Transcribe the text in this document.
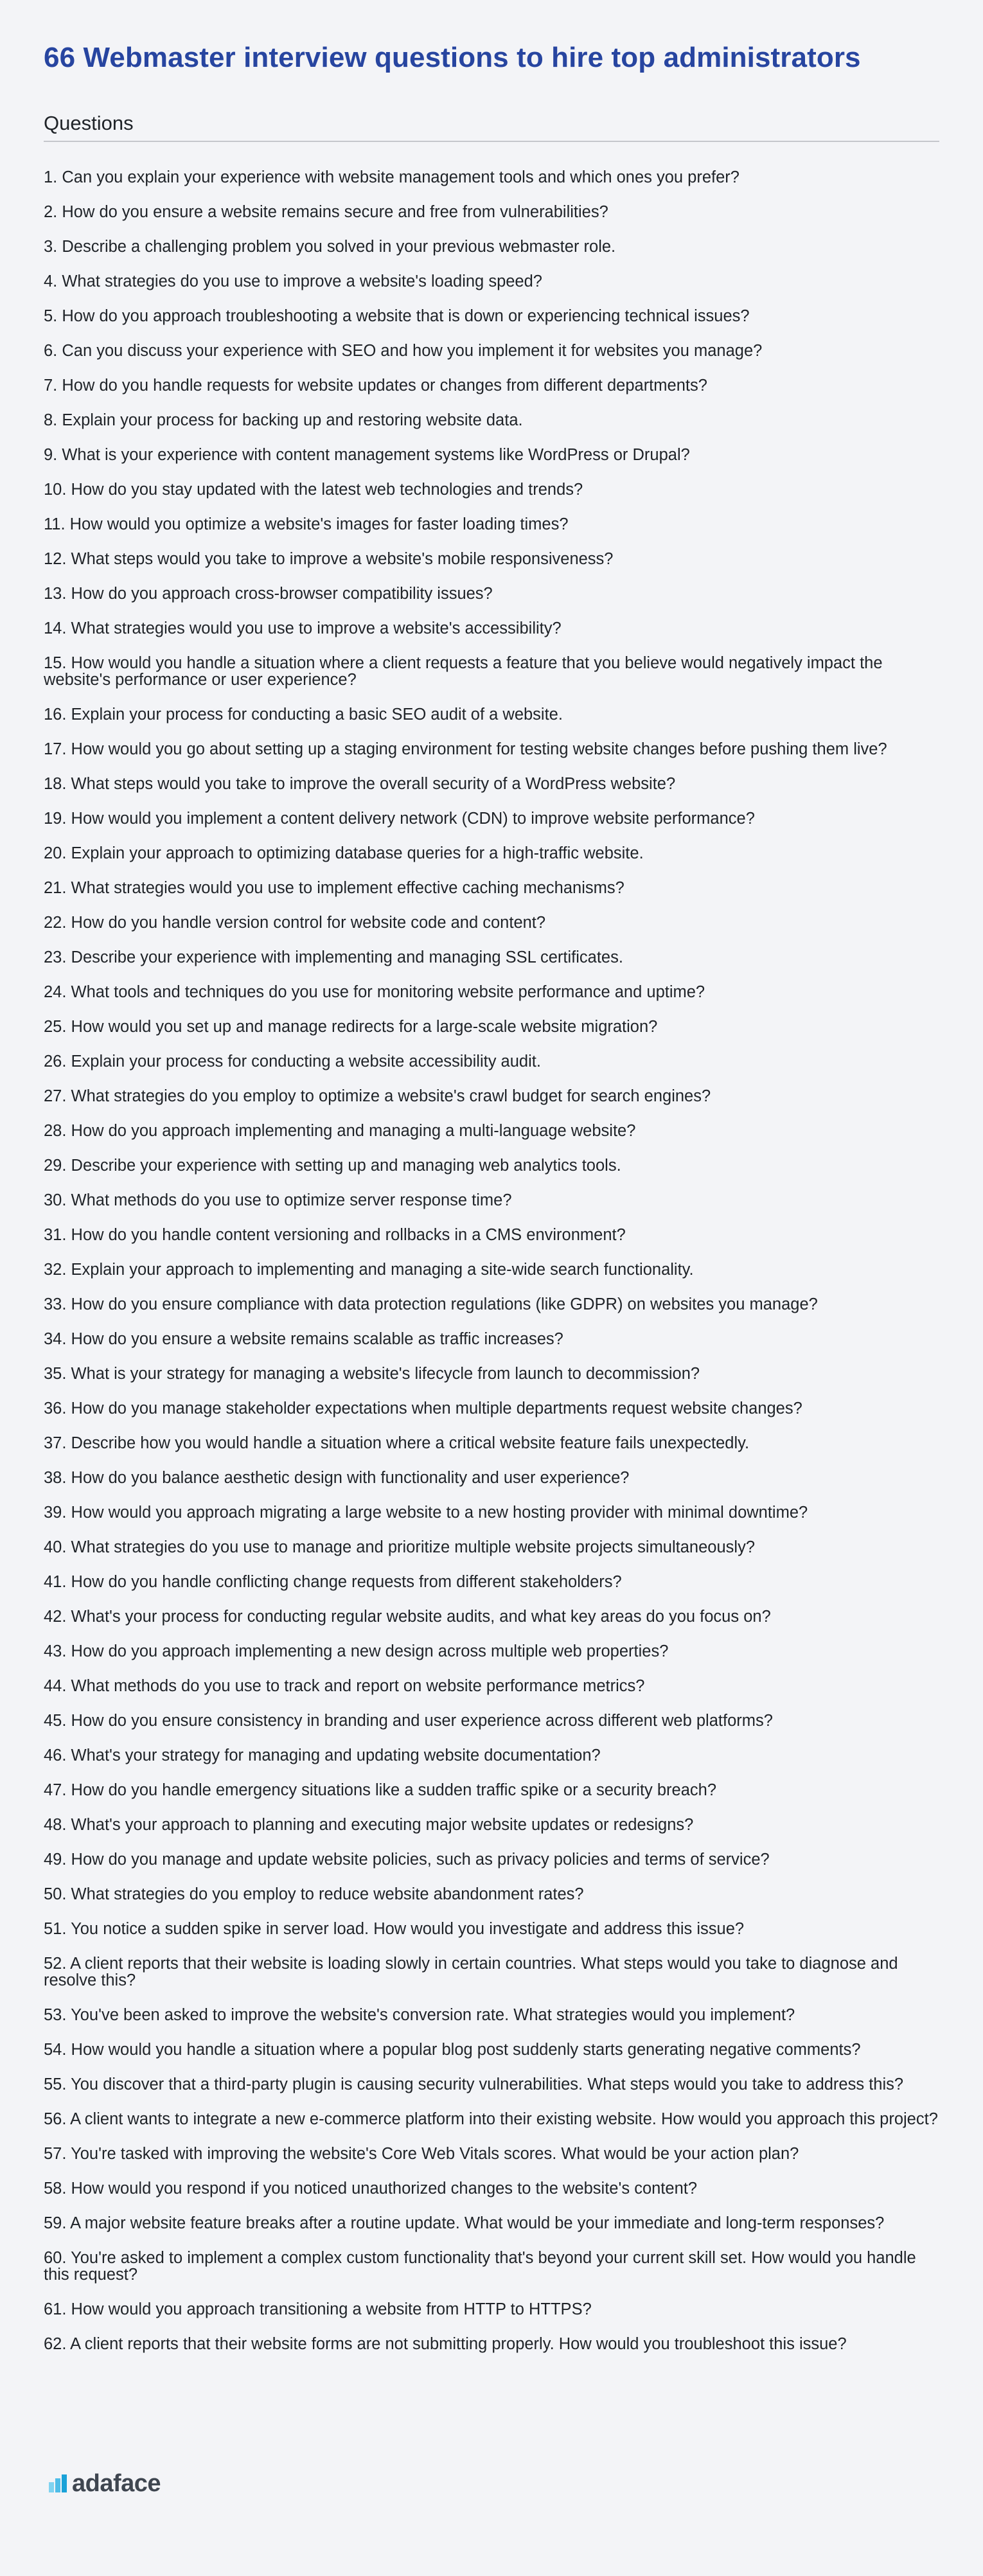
66 Webmaster interview questions to hire top administrators
Questions
1. Can you explain your experience with website management tools and which ones you prefer?
2. How do you ensure a website remains secure and free from vulnerabilities?
3. Describe a challenging problem you solved in your previous webmaster role.
4. What strategies do you use to improve a website's loading speed?
5. How do you approach troubleshooting a website that is down or experiencing technical issues?
6. Can you discuss your experience with SEO and how you implement it for websites you manage?
7. How do you handle requests for website updates or changes from different departments?
8. Explain your process for backing up and restoring website data.
9. What is your experience with content management systems like WordPress or Drupal?
10. How do you stay updated with the latest web technologies and trends?
11. How would you optimize a website's images for faster loading times?
12. What steps would you take to improve a website's mobile responsiveness?
13. How do you approach cross-browser compatibility issues?
14. What strategies would you use to improve a website's accessibility?
15. How would you handle a situation where a client requests a feature that you believe would negatively impact the website's performance or user experience?
16. Explain your process for conducting a basic SEO audit of a website.
17. How would you go about setting up a staging environment for testing website changes before pushing them live?
18. What steps would you take to improve the overall security of a WordPress website?
19. How would you implement a content delivery network (CDN) to improve website performance?
20. Explain your approach to optimizing database queries for a high-traffic website.
21. What strategies would you use to implement effective caching mechanisms?
22. How do you handle version control for website code and content?
23. Describe your experience with implementing and managing SSL certificates.
24. What tools and techniques do you use for monitoring website performance and uptime?
25. How would you set up and manage redirects for a large-scale website migration?
26. Explain your process for conducting a website accessibility audit.
27. What strategies do you employ to optimize a website's crawl budget for search engines?
28. How do you approach implementing and managing a multi-language website?
29. Describe your experience with setting up and managing web analytics tools.
30. What methods do you use to optimize server response time?
31. How do you handle content versioning and rollbacks in a CMS environment?
32. Explain your approach to implementing and managing a site-wide search functionality.
33. How do you ensure compliance with data protection regulations (like GDPR) on websites you manage?
34. How do you ensure a website remains scalable as traffic increases?
35. What is your strategy for managing a website's lifecycle from launch to decommission?
36. How do you manage stakeholder expectations when multiple departments request website changes?
37. Describe how you would handle a situation where a critical website feature fails unexpectedly.
38. How do you balance aesthetic design with functionality and user experience?
39. How would you approach migrating a large website to a new hosting provider with minimal downtime?
40. What strategies do you use to manage and prioritize multiple website projects simultaneously?
41. How do you handle conflicting change requests from different stakeholders?
42. What's your process for conducting regular website audits, and what key areas do you focus on?
43. How do you approach implementing a new design across multiple web properties?
44. What methods do you use to track and report on website performance metrics?
45. How do you ensure consistency in branding and user experience across different web platforms?
46. What's your strategy for managing and updating website documentation?
47. How do you handle emergency situations like a sudden traffic spike or a security breach?
48. What's your approach to planning and executing major website updates or redesigns?
49. How do you manage and update website policies, such as privacy policies and terms of service?
50. What strategies do you employ to reduce website abandonment rates?
51. You notice a sudden spike in server load. How would you investigate and address this issue?
52. A client reports that their website is loading slowly in certain countries. What steps would you take to diagnose and resolve this?
53. You've been asked to improve the website's conversion rate. What strategies would you implement?
54. How would you handle a situation where a popular blog post suddenly starts generating negative comments?
55. You discover that a third-party plugin is causing security vulnerabilities. What steps would you take to address this?
56. A client wants to integrate a new e-commerce platform into their existing website. How would you approach this project?
57. You're tasked with improving the website's Core Web Vitals scores. What would be your action plan?
58. How would you respond if you noticed unauthorized changes to the website's content?
59. A major website feature breaks after a routine update. What would be your immediate and long-term responses?
60. You're asked to implement a complex custom functionality that's beyond your current skill set. How would you handle this request?
61. How would you approach transitioning a website from HTTP to HTTPS?
62. A client reports that their website forms are not submitting properly. How would you troubleshoot this issue?
adaface
